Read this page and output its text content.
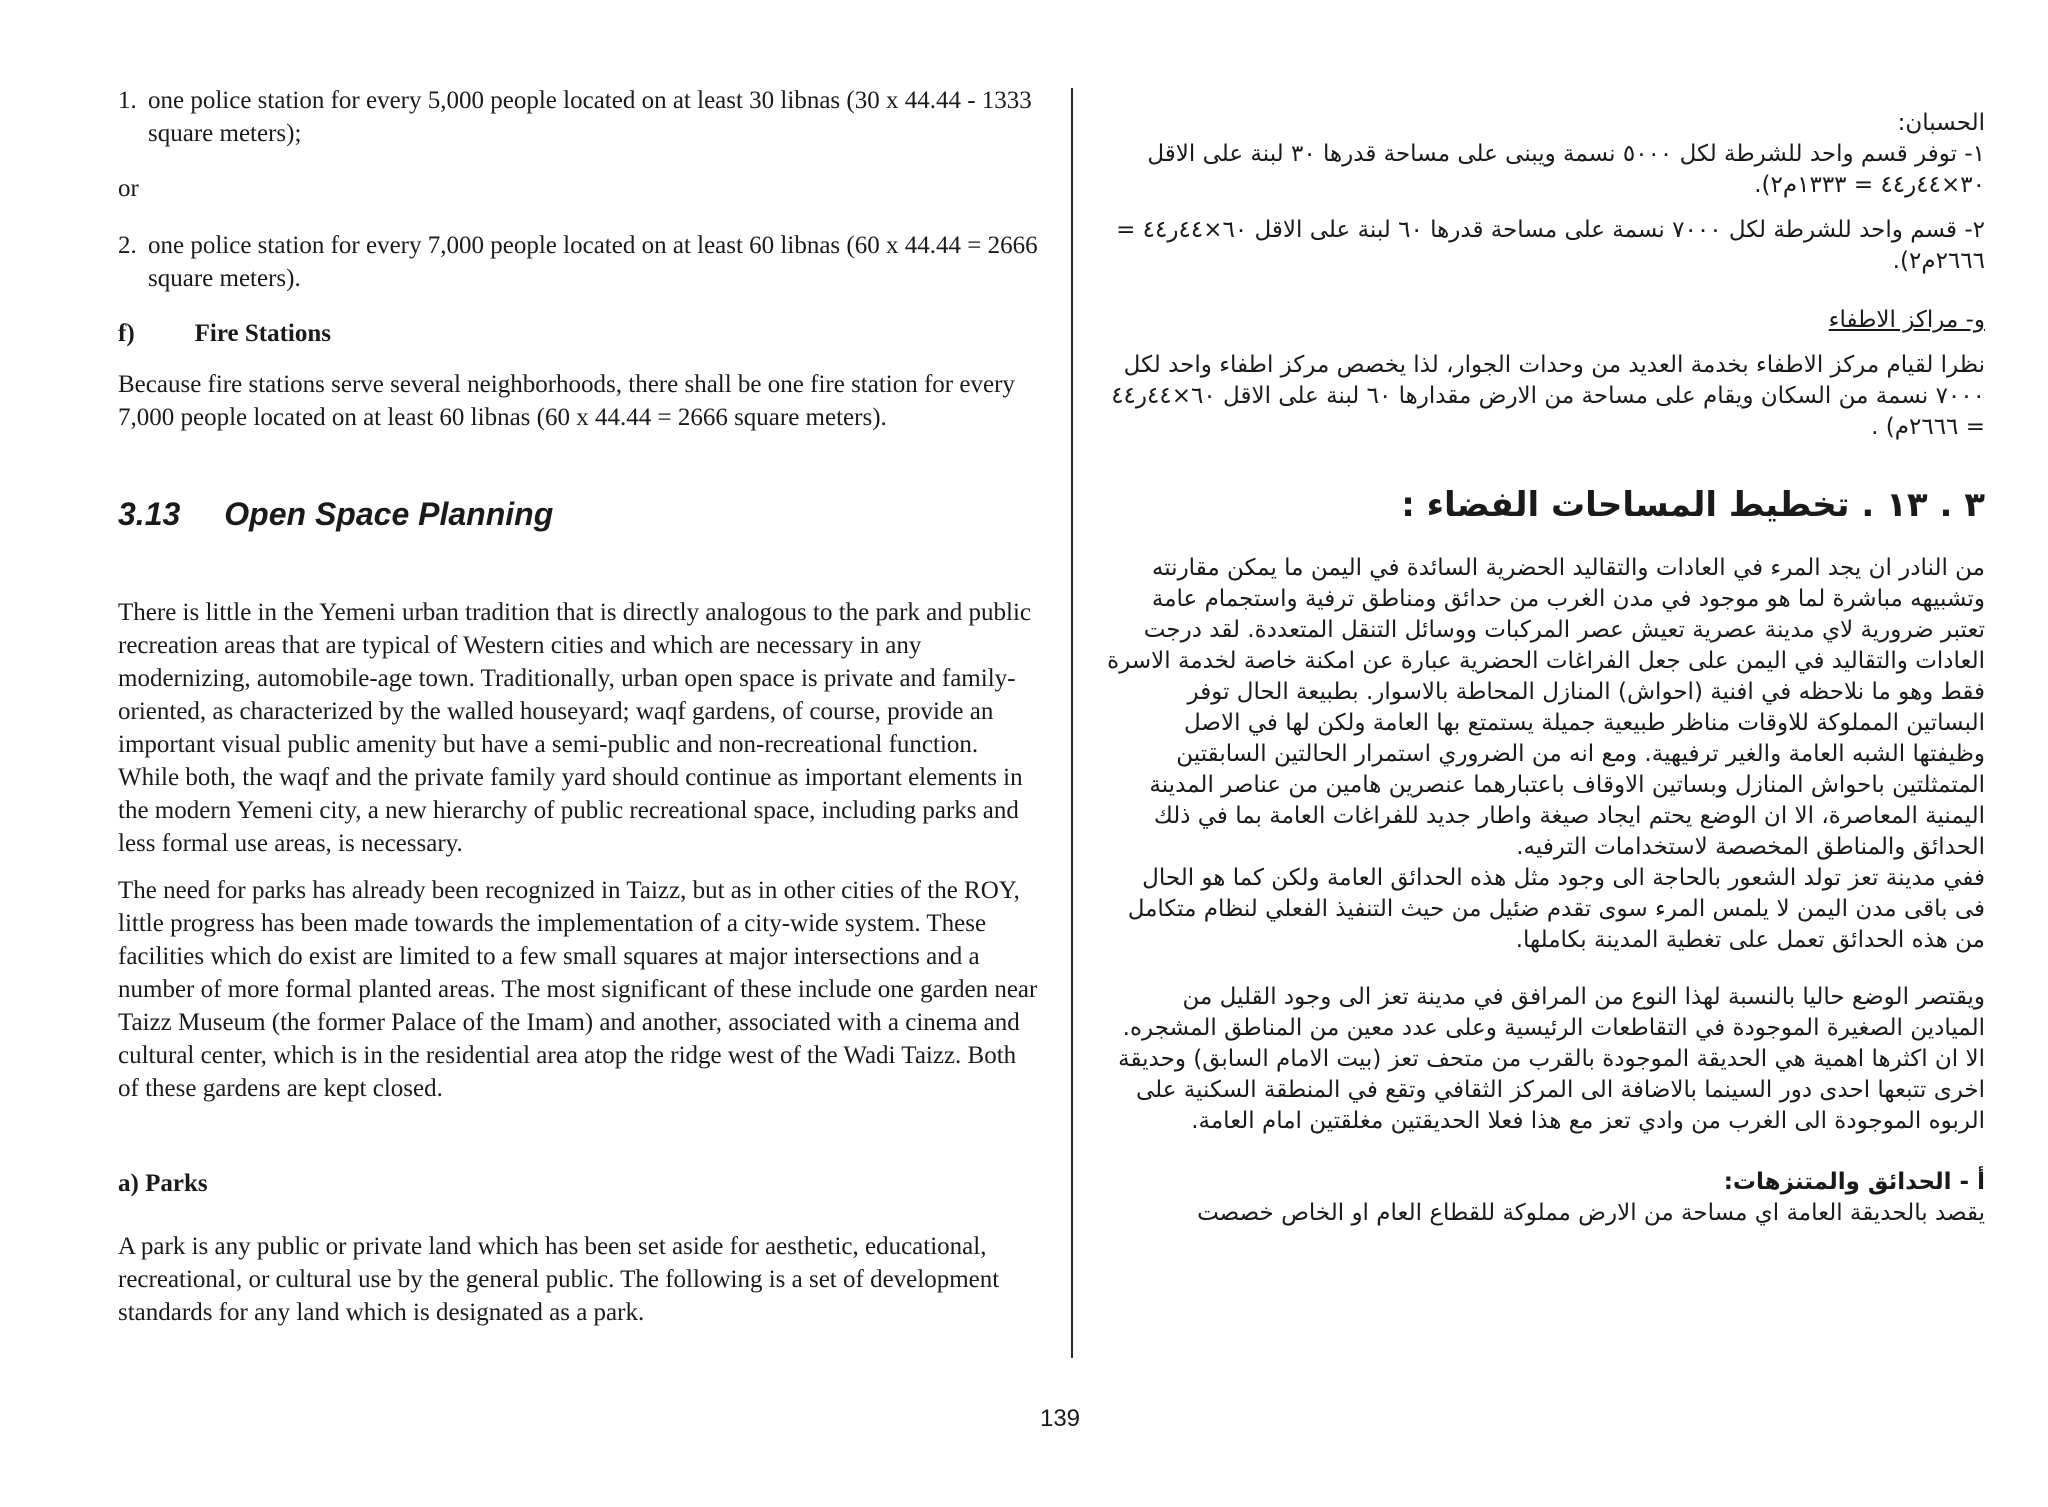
1. one police station for every 5,000 people located on at least 30 libnas (30 x 44.44 - 1333 square meters);
or
2. one police station for every 7,000 people located on at least 60 libnas (60 x 44.44 = 2666 square meters).
f) Fire Stations
Because fire stations serve several neighborhoods, there shall be one fire station for every 7,000 people located on at least 60 libnas (60 x 44.44 = 2666 square meters).
3.13 Open Space Planning
There is little in the Yemeni urban tradition that is directly analogous to the park and public recreation areas that are typical of Western cities and which are necessary in any modernizing, automobile-age town. Traditionally, urban open space is private and family-oriented, as characterized by the walled houseyard; waqf gardens, of course, provide an important visual public amenity but have a semi-public and non-recreational function. While both, the waqf and the private family yard should continue as important elements in the modern Yemeni city, a new hierarchy of public recreational space, including parks and less formal use areas, is necessary.
The need for parks has already been recognized in Taizz, but as in other cities of the ROY, little progress has been made towards the implementation of a city-wide system. These facilities which do exist are limited to a few small squares at major intersections and a number of more formal planted areas. The most significant of these include one garden near Taizz Museum (the former Palace of the Imam) and another, associated with a cinema and cultural center, which is in the residential area atop the ridge west of the Wadi Taizz. Both of these gardens are kept closed.
a) Parks
A park is any public or private land which has been set aside for aesthetic, educational, recreational, or cultural use by the general public. The following is a set of development standards for any land which is designated as a park.
الحسبان:
١- توفر قسم واحد للشرطة لكل ٥٠٠٠ نسمة ويبنى على مساحة قدرها ٣٠ لبنة على الاقل ٣٠×٤٤ر٤٤ = ١٣٣٣م٢).
٢- قسم واحد للشرطة لكل ٧٠٠٠ نسمة على مساحة قدرها ٦٠ لبنة على الاقل ٦٠×٤٤ر٤٤ = ٢٦٦٦م٢).
و- مراكز الاطفاء
نظرا لقيام مركز الاطفاء بخدمة العديد من وحدات الجوار، لذا يخصص مركز اطفاء واحد لكل ٧٠٠٠ نسمة من السكان ويقام على مساحة من الارض مقدارها ٦٠ لبنة على الاقل ٦٠×٤٤ر٤٤ = ٢٦٦٦م) .
٣ . ١٣ . تخطيط المساحات الفضاء :
من النادر ان يجد المرء في العادات والتقاليد الحضرية السائدة في اليمن ما يمكن مقارنته وتشبيهه مباشرة لما هو موجود في مدن الغرب من حدائق ومناطق ترفية واستجمام عامة تعتبر ضرورية لاي مدينة عصرية تعيش عصر المركبات ووسائل التنقل المتعددة. لقد درجت العادات والتقاليد في اليمن على جعل الفراغات الحضرية عبارة عن امكنة خاصة لخدمة الاسرة فقط وهو ما نلاحظه في افنية (احواش) المنازل المحاطة بالاسوار. بطبيعة الحال توفر البساتين المملوكة للاوقات مناظر طبيعية جميلة يستمتع بها العامة ولكن لها في الاصل وظيفتها الشبه العامة والغير ترفيهية. ومع انه من الضروري استمرار الحالتين السابقتين المتمثلتين باحواش المنازل وبساتين الاوقاف باعتبارهما عنصرين هامين من عناصر المدينة اليمنية المعاصرة، الا ان الوضع يحتم ايجاد صيغة واطار جديد للفراغات العامة بما في ذلك الحدائق والمناطق المخصصة لاستخدامات الترفيه.
ففي مدينة تعز تولد الشعور بالحاجة الى وجود مثل هذه الحدائق العامة ولكن كما هو الحال فى باقى مدن اليمن لا يلمس المرء سوى تقدم ضئيل من حيث التنفيذ الفعلي لنظام متكامل من هذه الحدائق تعمل على تغطية المدينة بكاملها.
ويقتصر الوضع حاليا بالنسبة لهذا النوع من المرافق في مدينة تعز الى وجود القليل من الميادين الصغيرة الموجودة في التقاطعات الرئيسية وعلى عدد معين من المناطق المشجره. الا ان اكثرها اهمية هي الحديقة الموجودة بالقرب من متحف تعز (بيت الامام السابق) وحديقة اخرى تتبعها احدى دور السينما بالاضافة الى المركز الثقافي وتقع في المنطقة السكنية على الربوه الموجودة الى الغرب من وادي تعز مع هذا فعلا الحديقتين مغلقتين امام العامة.
أ - الحدائق والمتنزهات:
يقصد بالحديقة العامة اي مساحة من الارض مملوكة للقطاع العام او الخاص خصصت
139
